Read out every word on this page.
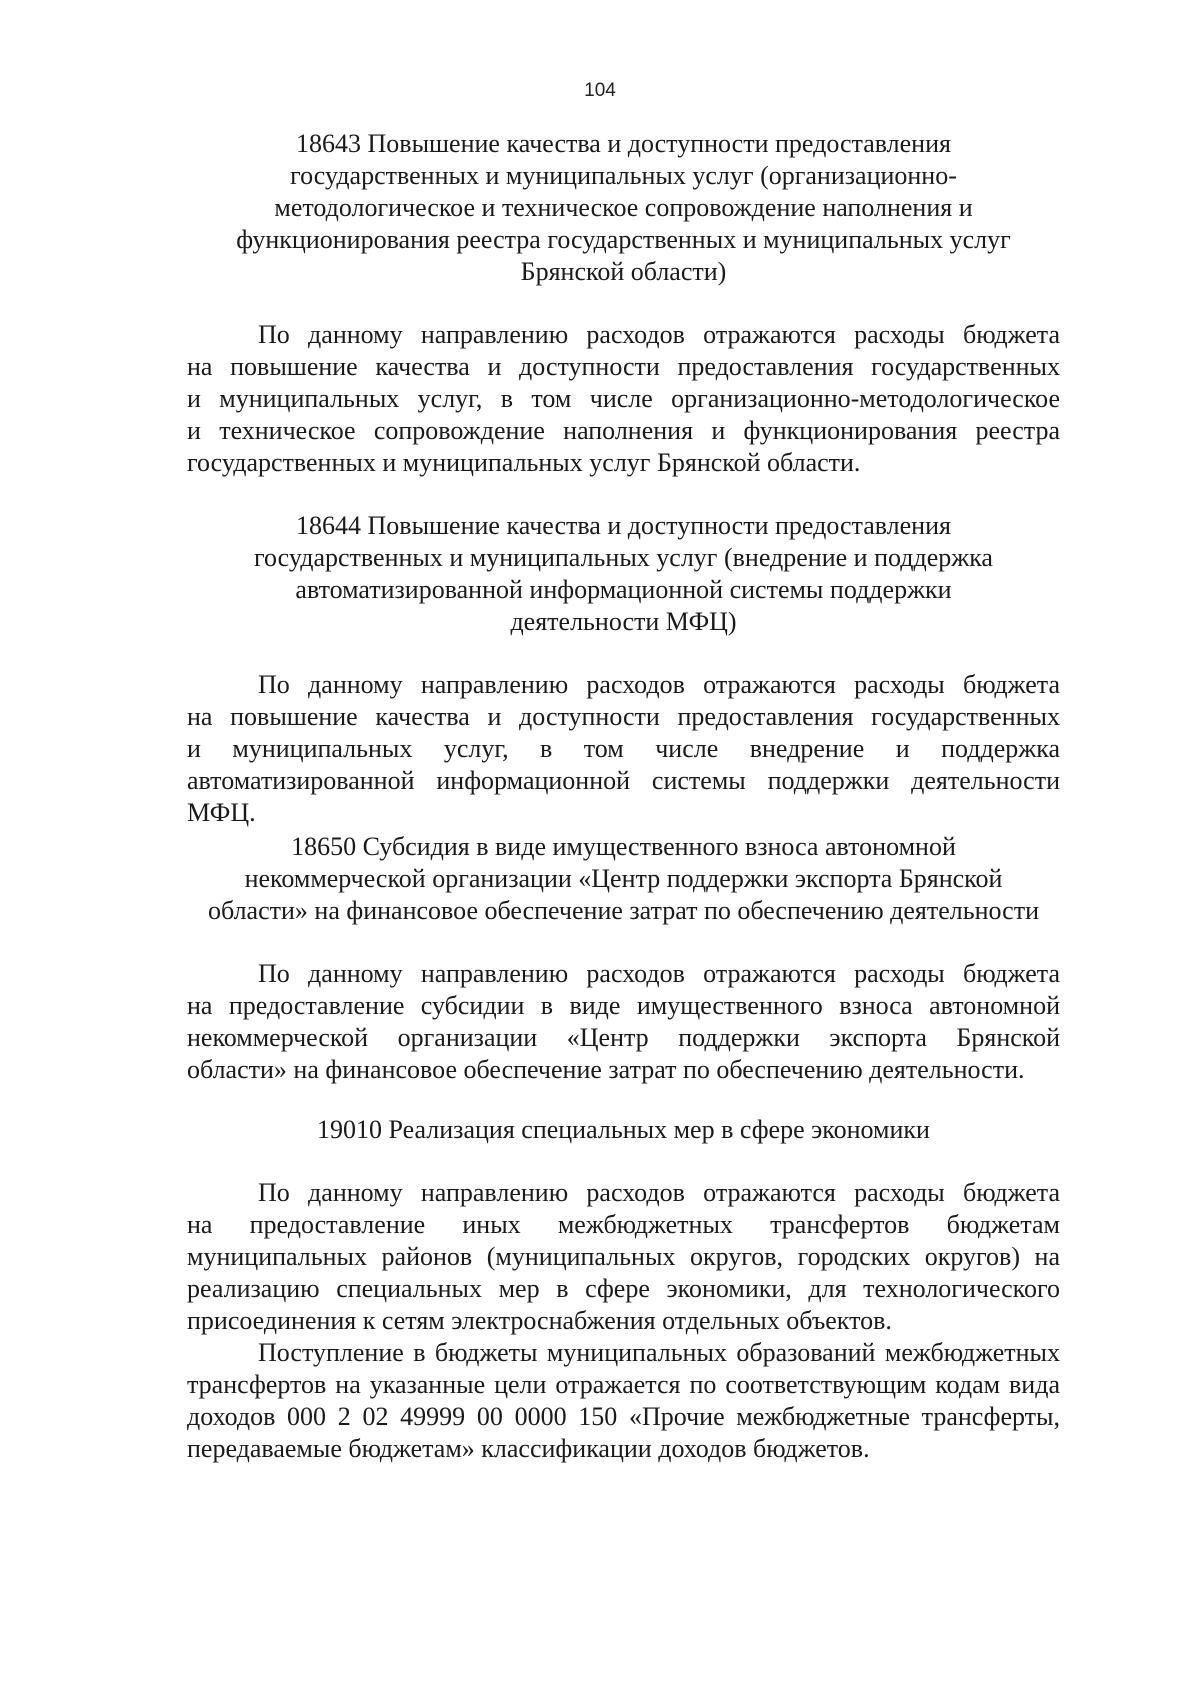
104
18643 Повышение качества и доступности предоставления
государственных и муниципальных услуг (организационно-
методологическое и техническое сопровождение наполнения и
функционирования реестра государственных и муниципальных услуг
Брянской области)
По данному направлению расходов отражаются расходы бюджета
на повышение качества и доступности предоставления государственных
и муниципальных услуг, в том числе организационно-методологическое
и техническое сопровождение наполнения и функционирования реестра
государственных и муниципальных услуг Брянской области.
18644 Повышение качества и доступности предоставления
государственных и муниципальных услуг (внедрение и поддержка
автоматизированной информационной системы поддержки
деятельности МФЦ)
По данному направлению расходов отражаются расходы бюджета
на повышение качества и доступности предоставления государственных
и муниципальных услуг, в том числе внедрение и поддержка
автоматизированной информационной системы поддержки деятельности
МФЦ.
18650 Субсидия в виде имущественного взноса автономной
некоммерческой организации «Центр поддержки экспорта Брянской
области» на финансовое обеспечение затрат по обеспечению деятельности
По данному направлению расходов отражаются расходы бюджета
на предоставление субсидии в виде имущественного взноса автономной
некоммерческой организации «Центр поддержки экспорта Брянской
области» на финансовое обеспечение затрат по обеспечению деятельности.
19010 Реализация специальных мер в сфере экономики
По данному направлению расходов отражаются расходы бюджета
на предоставление иных межбюджетных трансфертов бюджетам
муниципальных районов (муниципальных округов, городских округов) на
реализацию специальных мер в сфере экономики, для технологического
присоединения к сетям электроснабжения отдельных объектов.
Поступление в бюджеты муниципальных образований межбюджетных
трансфертов на указанные цели отражается по соответствующим кодам вида
доходов 000 2 02 49999 00 0000 150 «Прочие межбюджетные трансферты,
передаваемые бюджетам» классификации доходов бюджетов.
